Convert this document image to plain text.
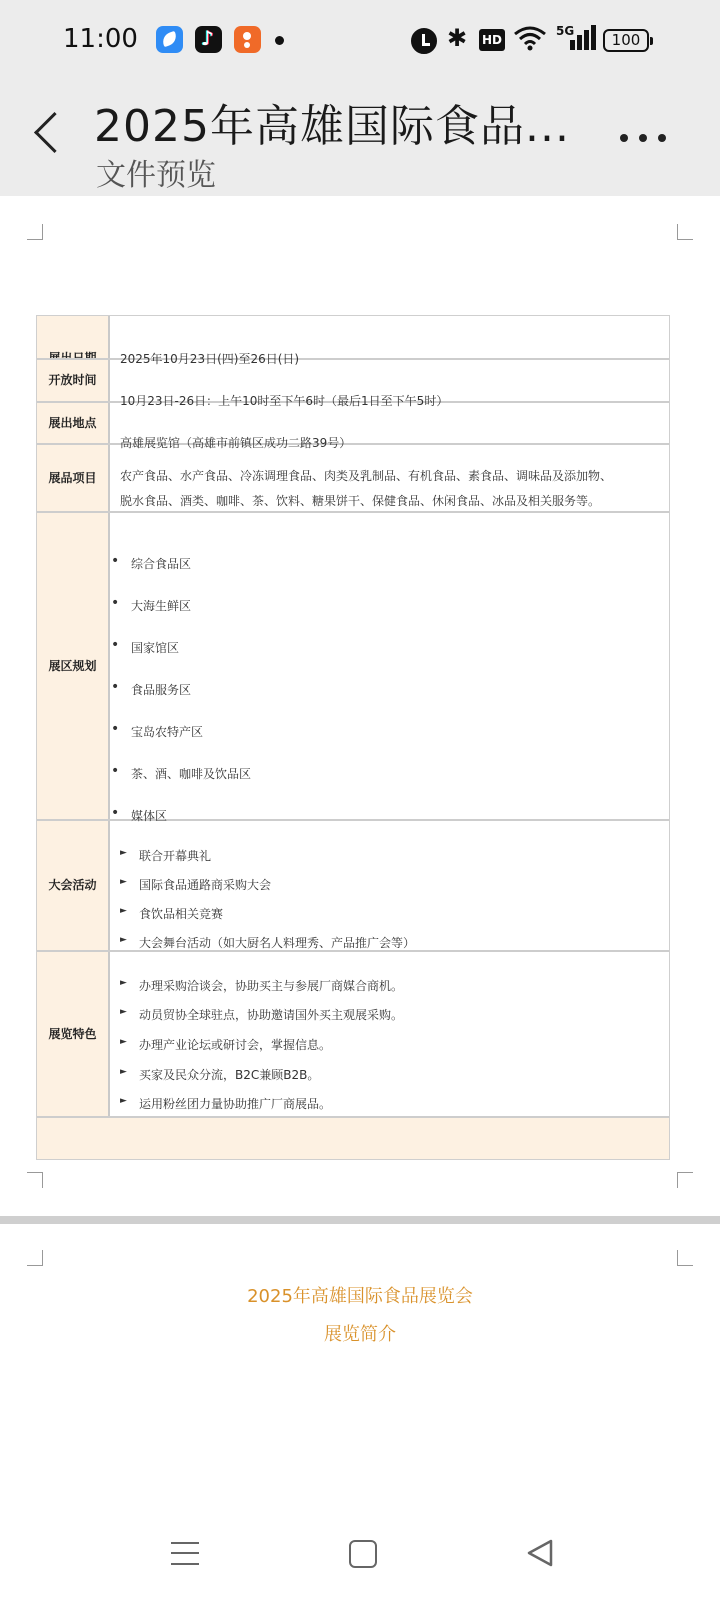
11:00
♪	✱ HD
5G	100
2025年高雄国际食品...
文件预览
开放时间
展出地点
展品项目
展区规划
大会活动
展览特色
2025年10月23日(四)至26日(日)
10月23日-26日：上午10时至下午6时（最后1日至下午5时）
高雄展览馆（高雄市前镇区成功二路39号）
农产食品、水产食品、冷冻调理食品、肉类及乳制品、有机食品、素食品、调味品及添加物、
脱水食品、酒类、咖啡、茶、饮料、糖果饼干、保健食品、休闲食品、冰品及相关服务等。
• 综合食品区
• 大海生鲜区
• 国家馆区
• 食品服务区
• 宝岛农特产区
• 茶、酒、咖啡及饮品区
• 媒体区
► 联合开幕典礼
► 国际食品通路商采购大会
► 食饮品相关竞赛
► 大会舞台活动（如大厨名人料理秀、产品推广会等）
► 办理采购洽谈会，协助买主与参展厂商媒合商机。
► 动员贸协全球驻点，协助邀请国外买主观展采购。
► 办理产业论坛或研讨会，掌握信息。
► 买家及民众分流，B2C兼顾B2B。
► 运用粉丝团力量协助推广厂商展品。
2025年高雄国际食品展览会
展览简介
